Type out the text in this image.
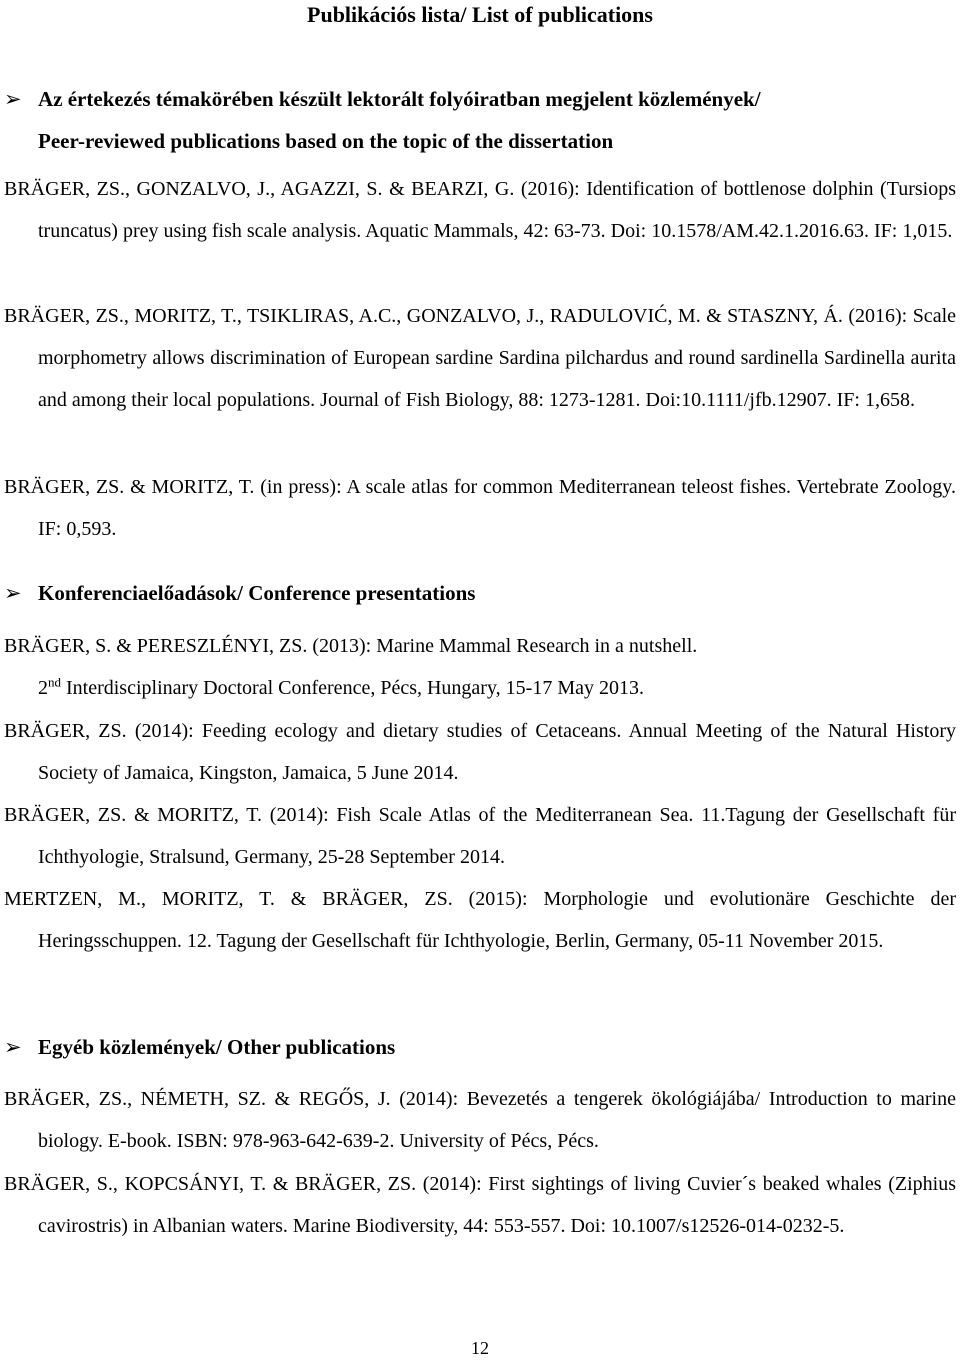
Publikációs lista/ List of publications
➢ Az értekezés témakörében készült lektorált folyóiratban megjelent közlemények/
Peer-reviewed publications based on the topic of the dissertation

BRÄGER, ZS., GONZALVO, J., AGAZZI, S. & BEARZI, G. (2016): Identification of bottlenose dolphin (Tursiops truncatus) prey using fish scale analysis. Aquatic Mammals, 42: 63-73. Doi: 10.1578/AM.42.1.2016.63. IF: 1,015.

BRÄGER, ZS., MORITZ, T., TSIKLIRAS, A.C., GONZALVO, J., RADULOVIĆ, M. & STASZNY, Á. (2016): Scale morphometry allows discrimination of European sardine Sardina pilchardus and round sardinella Sardinella aurita and among their local populations. Journal of Fish Biology, 88: 1273-1281. Doi:10.1111/jfb.12907. IF: 1,658.

BRÄGER, ZS. & MORITZ, T. (in press): A scale atlas for common Mediterranean teleost fishes. Vertebrate Zoology. IF: 0,593.

➢ Konferenciaelőadások/ Conference presentations

BRÄGER, S. & PERESZLÉNYI, ZS. (2013): Marine Mammal Research in a nutshell.

2nd Interdisciplinary Doctoral Conference, Pécs, Hungary, 15-17 May 2013.

BRÄGER, ZS. (2014): Feeding ecology and dietary studies of Cetaceans. Annual Meeting of the Natural History Society of Jamaica, Kingston, Jamaica, 5 June 2014.

BRÄGER, ZS. & MORITZ, T. (2014): Fish Scale Atlas of the Mediterranean Sea. 11.Tagung der Gesellschaft für Ichthyologie, Stralsund, Germany, 25-28 September 2014.

MERTZEN, M., MORITZ, T. & BRÄGER, ZS. (2015): Morphologie und evolutionäre Geschichte der Heringsschuppen. 12. Tagung der Gesellschaft für Ichthyologie, Berlin, Germany, 05-11 November 2015.

➢ Egyéb közlemények/ Other publications

BRÄGER, ZS., NÉMETH, SZ. & REGŐS, J. (2014): Bevezetés a tengerek ökológiájába/ Introduction to marine biology. E-book. ISBN: 978-963-642-639-2. University of Pécs, Pécs.

BRÄGER, S., KOPCSÁNYI, T. & BRÄGER, ZS. (2014): First sightings of living Cuvier´s beaked whales (Ziphius cavirostris) in Albanian waters. Marine Biodiversity, 44: 553-557. Doi: 10.1007/s12526-014-0232-5.

12
